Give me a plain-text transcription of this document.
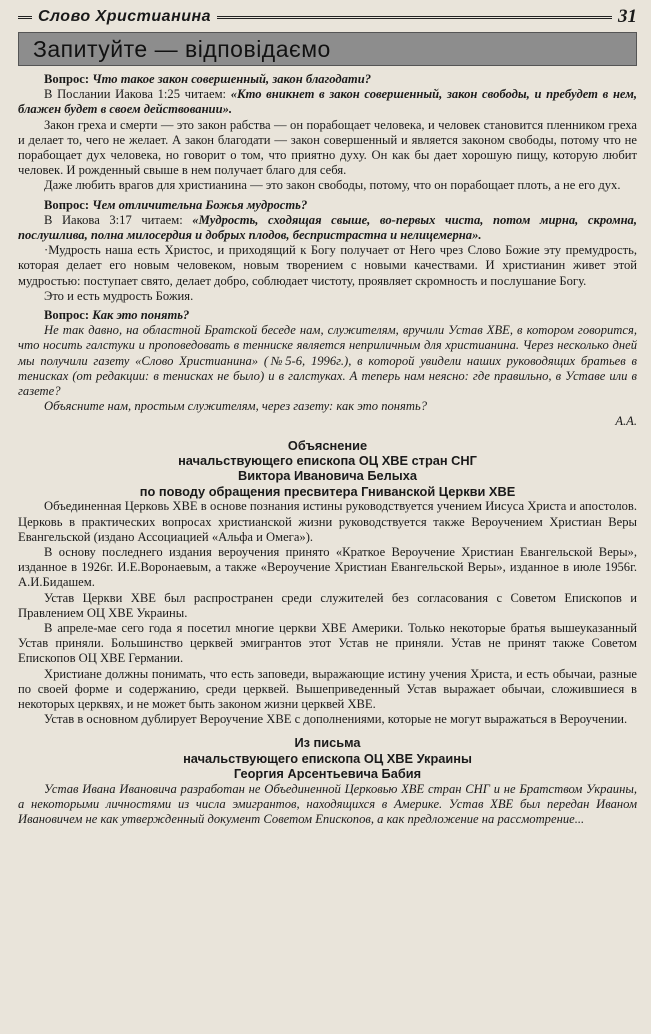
Слово Христианина	31
Запитуйте — відповідаємо

Вопрос: Что такое закон совершенный, закон благодати?

В Послании Иакова 1:25 читаем: «Кто вникнет в закон совершенный, закон свободы, и пребудет в нем, блажен будет в своем действовании».

Закон греха и смерти — это закон рабства — он порабощает человека, и человек становится пленником греха и делает то, чего не желает. А закон благодати — закон совершенный и является законом свободы, потому что не порабощает дух человека, но говорит о том, что приятно духу. Он как бы дает хорошую пищу, которую любит человек. И рожденный свыше в нем получает благо для себя.

Даже любить врагов для христианина — это закон свободы, потому, что он порабощает плоть, а не его дух.

Вопрос: Чем отличительна Божья мудрость?

В Иакова 3:17 читаем: «Мудрость, сходящая свыше, во-первых чиста, потом мирна, скромна, послушлива, полна милосердия и добрых плодов, беспристрастна и нелицемерна».

·Мудрость наша есть Христос, и приходящий к Богу получает от Него чрез Слово Божие эту премудрость, которая делает его новым человеком, новым творением с новыми качествами. И христианин живет этой мудростью: поступает свято, делает добро, соблюдает чистоту, проявляет скромность и послушание Богу.

Это и есть мудрость Божия.

Вопрос: Как это понять?

Не так давно, на областной Братской беседе нам, служителям, вручили Устав ХВЕ, в котором говорится, что носить галстуки и проповедовать в тенниске является неприличным для христианина. Через несколько дней мы получили газету «Слово Христианина» (№5-6, 1996г.), в которой увидели наших руководящих братьев в тенисках (от редакции: в тенисках не было) и в галстуках. А теперь нам неясно: где правильно, в Уставе или в газете?

Объясните нам, простым служителям, через газету: как это понять?

А.А.

Объяснение
начальствующего епископа ОЦ ХВЕ стран СНГ
Виктора Ивановича Белыха
по поводу обращения пресвитера Гниванской Церкви ХВЕ

Объединенная Церковь ХВЕ в основе познания истины руководствуется учением Иисуса Христа и апостолов. Церковь в практических вопросах христианской жизни руководствуется также Вероучением Христиан Веры Евангельской (издано Ассоциацией «Альфа и Омега»).

В основу последнего издания вероучения принято «Краткое Вероучение Христиан Евангельской Веры», изданное в 1926г. И.Е.Воронаевым, а также «Вероучение Христиан Евангельской Веры», изданное в июле 1956г. А.И.Бидашем.

Устав Церкви ХВЕ был распространен среди служителей без согласования с Советом Епископов и Правлением ОЦ ХВЕ Украины.

В апреле-мае сего года я посетил многие церкви ХВЕ Америки. Только некоторые братья вышеуказанный Устав приняли. Большинство церквей эмигрантов этот Устав не приняли. Устав не принят также Советом Епископов ОЦ ХВЕ Германии.

Христиане должны понимать, что есть заповеди, выражающие истину учения Христа, и есть обычаи, разные по своей форме и содержанию, среди церквей. Вышеприведенный Устав выражает обычаи, сложившиеся в некоторых церквях, и не может быть законом жизни церквей ХВЕ.

Устав в основном дублирует Вероучение ХВЕ с дополнениями, которые не могут выражаться в Вероучении.

Из письма
начальствующего епископа ОЦ ХВЕ Украины
Георгия Арсентьевича Бабия

Устав Ивана Ивановича разработан не Объединенной Церковью ХВЕ стран СНГ и не Братством Украины, а некоторыми личностями из числа эмигрантов, находящихся в Америке. Устав ХВЕ был передан Иваном Ивановичем не как утвержденный документ Советом Епископов, а как предложение на рассмотрение...
